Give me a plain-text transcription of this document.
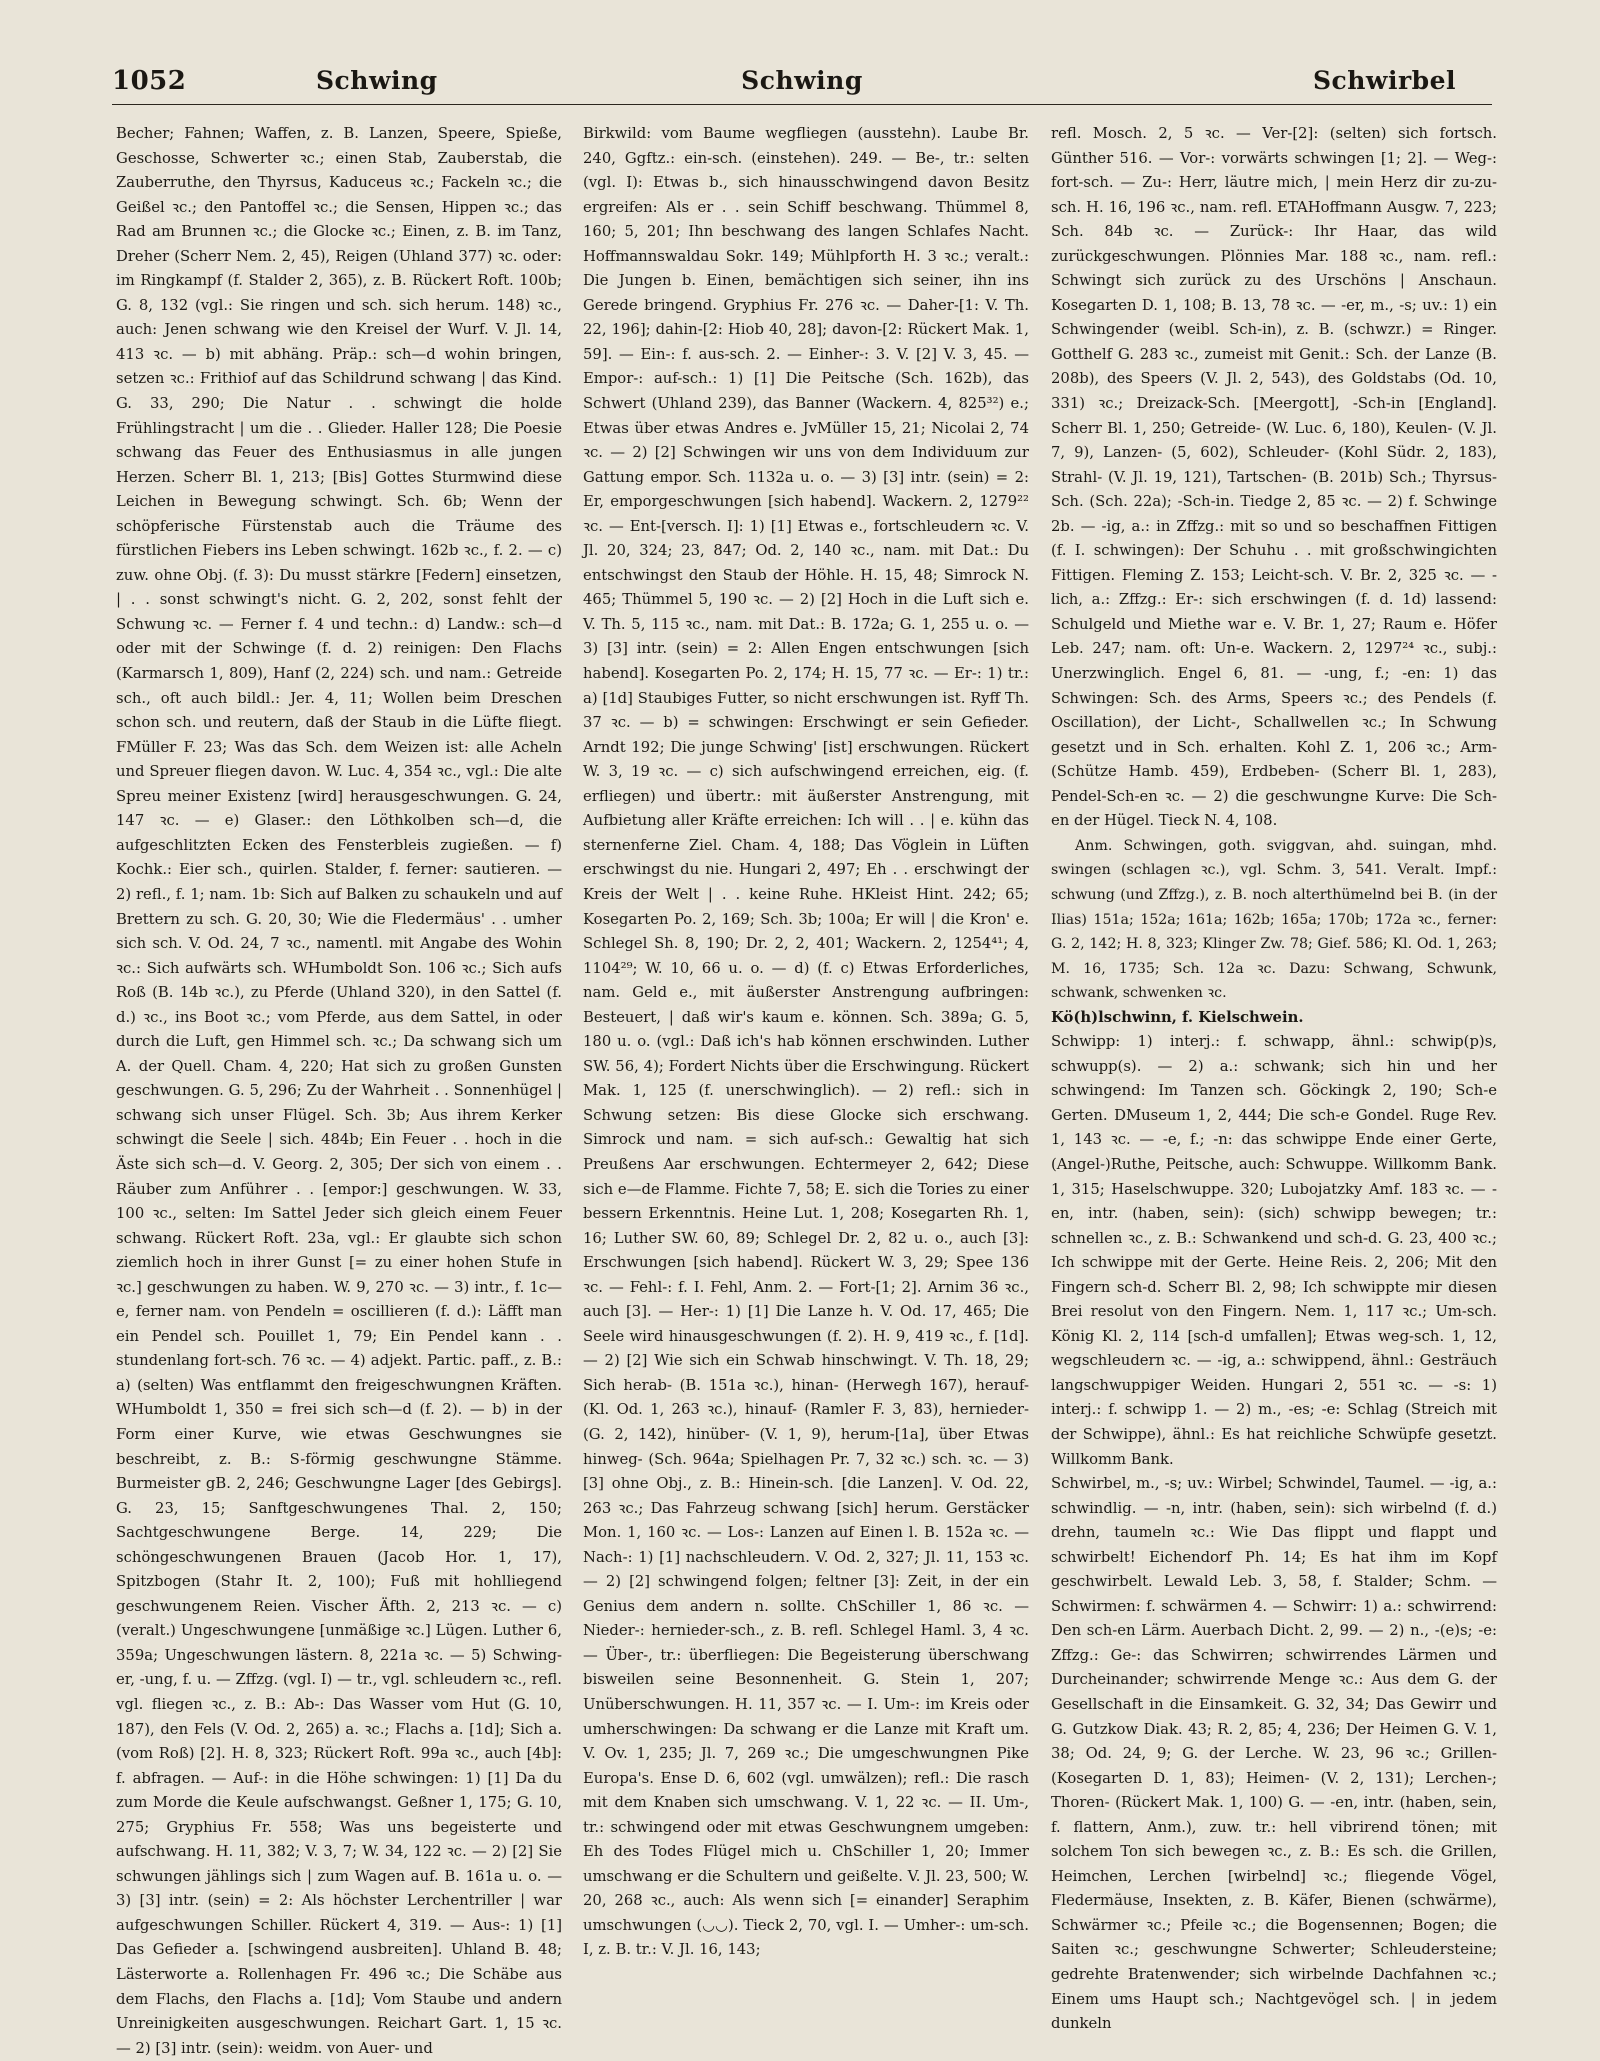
1052	Schwing	Schwing	Schwirbel

Becher; Fahnen; Waffen, z. B. Lanzen, Speere, Spieße, Geschosse, Schwerter ꝛc.; einen Stab, Zauberstab, die Zauberruthe, den Thyrsus, Kaduceus ꝛc.; Fackeln ꝛc.; die Geißel ꝛc.; den Pantoffel ꝛc.; die Sensen, Hippen ꝛc.; das Rad am Brunnen ꝛc.; die Glocke ꝛc.; Einen, z. B. im Tanz, Dreher (Scherr Nem. 2, 45), Reigen (Uhland 377) ꝛc. oder: im Ringkampf (f. Stalder 2, 365), z. B. Rückert Roft. 100b; G. 8, 132 (vgl.: Sie ringen und sch. sich herum. 148) ꝛc., auch: Jenen schwang wie den Kreisel der Wurf. V. Jl. 14, 413 ꝛc. — b) mit abhäng. Präp.: sch—d wohin bringen, setzen ꝛc.: Frithiof auf das Schildrund schwang | das Kind. G. 33, 290; Die Natur . . schwingt die holde Frühlingstracht | um die . . Glieder. Haller 128; Die Poesie schwang das Feuer des Enthusiasmus in alle jungen Herzen. Scherr Bl. 1, 213; [Bis] Gottes Sturmwind diese Leichen in Bewegung schwingt. Sch. 6b; Wenn der schöpferische Fürstenstab auch die Träume des fürstlichen Fiebers ins Leben schwingt. 162b ꝛc., f. 2. — c) zuw. ohne Obj. (f. 3): Du musst stärkre [Federn] einsetzen, | . . sonst schwingt's nicht. G. 2, 202, sonst fehlt der Schwung ꝛc. — Ferner f. 4 und techn.: d) Landw.: sch—d oder mit der Schwinge (f. d. 2) reinigen: Den Flachs (Karmarsch 1, 809), Hanf (2, 224) sch. und nam.: Getreide sch., oft auch bildl.: Jer. 4, 11; Wollen beim Dreschen schon sch. und reutern, daß der Staub in die Lüfte fliegt. FMüller F. 23; Was das Sch. dem Weizen ist: alle Acheln und Spreuer fliegen davon. W. Luc. 4, 354 ꝛc., vgl.: Die alte Spreu meiner Existenz [wird] herausgeschwungen. G. 24, 147 ꝛc. — e) Glaser.: den Löthkolben sch—d, die aufgeschlitzten Ecken des Fensterbleis zugießen. — f) Kochk.: Eier sch., quirlen. Stalder, f. ferner: sautieren. — 2) refl., f. 1; nam. 1b: Sich auf Balken zu schaukeln und auf Brettern zu sch. G. 20, 30; Wie die Fledermäus' . . umher sich sch. V. Od. 24, 7 ꝛc., namentl. mit Angabe des Wohin ꝛc.: Sich aufwärts sch. WHumboldt Son. 106 ꝛc.; Sich aufs Roß (B. 14b ꝛc.), zu Pferde (Uhland 320), in den Sattel (f. d.) ꝛc., ins Boot ꝛc.; vom Pferde, aus dem Sattel, in oder durch die Luft, gen Himmel sch. ꝛc.; Da schwang sich um A. der Quell. Cham. 4, 220; Hat sich zu großen Gunsten geschwungen. G. 5, 296; Zu der Wahrheit . . Sonnenhügel | schwang sich unser Flügel. Sch. 3b; Aus ihrem Kerker schwingt die Seele | sich. 484b; Ein Feuer . . hoch in die Äste sich sch—d. V. Georg. 2, 305; Der sich von einem . . Räuber zum Anführer . . [empor:] geschwungen. W. 33, 100 ꝛc., selten: Im Sattel Jeder sich gleich einem Feuer schwang. Rückert Roft. 23a, vgl.: Er glaubte sich schon ziemlich hoch in ihrer Gunst [= zu einer hohen Stufe in ꝛc.] geschwungen zu haben. W. 9, 270 ꝛc. — 3) intr., f. 1c—e, ferner nam. von Pendeln = oscillieren (f. d.): Läfft man ein Pendel sch. Pouillet 1, 79; Ein Pendel kann . . stundenlang fort-sch. 76 ꝛc. — 4) adjekt. Partic. paff., z. B.: a) (selten) Was entflammt den freigeschwungnen Kräften. WHumboldt 1, 350 = frei sich sch—d (f. 2). — b) in der Form einer Kurve, wie etwas Geschwungnes sie beschreibt, z. B.: S-förmig geschwungne Stämme. Burmeister gB. 2, 246; Geschwungne Lager [des Gebirgs]. G. 23, 15; Sanftgeschwungenes Thal. 2, 150; Sachtgeschwungene Berge. 14, 229; Die schöngeschwungenen Brauen (Jacob Hor. 1, 17), Spitzbogen (Stahr It. 2, 100); Fuß mit hohlliegend geschwungenem Reien. Vischer Äfth. 2, 213 ꝛc. — c) (veralt.) Ungeschwungene [unmäßige ꝛc.] Lügen. Luther 6, 359a; Ungeschwungen lästern. 8, 221a ꝛc. — 5) Schwing-er, -ung, f. u. — Zffzg. (vgl. I) — tr., vgl. schleudern ꝛc., refl. vgl. fliegen ꝛc., z. B.: Ab-: Das Wasser vom Hut (G. 10, 187), den Fels (V. Od. 2, 265) a. ꝛc.; Flachs a. [1d]; Sich a. (vom Roß) [2]. H. 8, 323; Rückert Roft. 99a ꝛc., auch [4b]: f. abfragen. — Auf-: in die Höhe schwingen: 1) [1] Da du zum Morde die Keule aufschwangst. Geßner 1, 175; G. 10, 275; Gryphius Fr. 558; Was uns begeisterte und aufschwang. H. 11, 382; V. 3, 7; W. 34, 122 ꝛc. — 2) [2] Sie schwungen jählings sich | zum Wagen auf. B. 161a u. o. — 3) [3] intr. (sein) = 2: Als höchster Lerchentriller | war aufgeschwungen Schiller. Rückert 4, 319. — Aus-: 1) [1] Das Gefieder a. [schwingend ausbreiten]. Uhland B. 48; Lästerworte a. Rollenhagen Fr. 496 ꝛc.; Die Schäbe aus dem Flachs, den Flachs a. [1d]; Vom Staube und andern Unreinigkeiten ausgeschwungen. Reichart Gart. 1, 15 ꝛc. — 2) [3] intr. (sein): weidm. von Auer- und

Birkwild: vom Baume wegfliegen (ausstehn). Laube Br. 240, Ggftz.: ein-sch. (einstehen). 249. — Be-, tr.: selten (vgl. I): Etwas b., sich hinausschwingend davon Besitz ergreifen: Als er . . sein Schiff beschwang. Thümmel 8, 160; 5, 201; Ihn beschwang des langen Schlafes Nacht. Hoffmannswaldau Sokr. 149; Mühlpforth H. 3 ꝛc.; veralt.: Die Jungen b. Einen, bemächtigen sich seiner, ihn ins Gerede bringend. Gryphius Fr. 276 ꝛc. — Daher-[1: V. Th. 22, 196]; dahin-[2: Hiob 40, 28]; davon-[2: Rückert Mak. 1, 59]. — Ein-: f. aus-sch. 2. — Einher-: 3. V. [2] V. 3, 45. — Empor-: auf-sch.: 1) [1] Die Peitsche (Sch. 162b), das Schwert (Uhland 239), das Banner (Wackern. 4, 825³²) e.; Etwas über etwas Andres e. JvMüller 15, 21; Nicolai 2, 74 ꝛc. — 2) [2] Schwingen wir uns von dem Individuum zur Gattung empor. Sch. 1132a u. o. — 3) [3] intr. (sein) = 2: Er, emporgeschwungen [sich habend]. Wackern. 2, 1279²² ꝛc. — Ent-[versch. I]: 1) [1] Etwas e., fortschleudern ꝛc. V. Jl. 20, 324; 23, 847; Od. 2, 140 ꝛc., nam. mit Dat.: Du entschwingst den Staub der Höhle. H. 15, 48; Simrock N. 465; Thümmel 5, 190 ꝛc. — 2) [2] Hoch in die Luft sich e. V. Th. 5, 115 ꝛc., nam. mit Dat.: B. 172a; G. 1, 255 u. o. — 3) [3] intr. (sein) = 2: Allen Engen entschwungen [sich habend]. Kosegarten Po. 2, 174; H. 15, 77 ꝛc. — Er-: 1) tr.: a) [1d] Staubiges Futter, so nicht erschwungen ist. Ryff Th. 37 ꝛc. — b) = schwingen: Erschwingt er sein Gefieder. Arndt 192; Die junge Schwing' [ist] erschwungen. Rückert W. 3, 19 ꝛc. — c) sich aufschwingend erreichen, eig. (f. erfliegen) und übertr.: mit äußerster Anstrengung, mit Aufbietung aller Kräfte erreichen: Ich will . . | e. kühn das sternenferne Ziel. Cham. 4, 188; Das Vöglein in Lüften erschwingst du nie. Hungari 2, 497; Eh . . erschwingt der Kreis der Welt | . . keine Ruhe. HKleist Hint. 242; 65; Kosegarten Po. 2, 169; Sch. 3b; 100a; Er will | die Kron' e. Schlegel Sh. 8, 190; Dr. 2, 2, 401; Wackern. 2, 1254⁴¹; 4, 1104²⁹; W. 10, 66 u. o. — d) (f. c) Etwas Erforderliches, nam. Geld e., mit äußerster Anstrengung aufbringen: Besteuert, | daß wir's kaum e. können. Sch. 389a; G. 5, 180 u. o. (vgl.: Daß ich's hab können erschwinden. Luther SW. 56, 4); Fordert Nichts über die Erschwingung. Rückert Mak. 1, 125 (f. unerschwinglich). — 2) refl.: sich in Schwung setzen: Bis diese Glocke sich erschwang. Simrock und nam. = sich auf-sch.: Gewaltig hat sich Preußens Aar erschwungen. Echtermeyer 2, 642; Diese sich e—de Flamme. Fichte 7, 58; E. sich die Tories zu einer bessern Erkenntnis. Heine Lut. 1, 208; Kosegarten Rh. 1, 16; Luther SW. 60, 89; Schlegel Dr. 2, 82 u. o., auch [3]: Erschwungen [sich habend]. Rückert W. 3, 29; Spee 136 ꝛc. — Fehl-: f. I. Fehl, Anm. 2. — Fort-[1; 2]. Arnim 36 ꝛc., auch [3]. — Her-: 1) [1] Die Lanze h. V. Od. 17, 465; Die Seele wird hinausgeschwungen (f. 2). H. 9, 419 ꝛc., f. [1d]. — 2) [2] Wie sich ein Schwab hinschwingt. V. Th. 18, 29; Sich herab- (B. 151a ꝛc.), hinan- (Herwegh 167), herauf- (Kl. Od. 1, 263 ꝛc.), hinauf- (Ramler F. 3, 83), hernieder- (G. 2, 142), hinüber- (V. 1, 9), herum-[1a], über Etwas hinweg- (Sch. 964a; Spielhagen Pr. 7, 32 ꝛc.) sch. ꝛc. — 3) [3] ohne Obj., z. B.: Hinein-sch. [die Lanzen]. V. Od. 22, 263 ꝛc.; Das Fahrzeug schwang [sich] herum. Gerstäcker Mon. 1, 160 ꝛc. — Los-: Lanzen auf Einen l. B. 152a ꝛc. — Nach-: 1) [1] nachschleudern. V. Od. 2, 327; Jl. 11, 153 ꝛc. — 2) [2] schwingend folgen; feltner [3]: Zeit, in der ein Genius dem andern n. sollte. ChSchiller 1, 86 ꝛc. — Nieder-: hernieder-sch., z. B. refl. Schlegel Haml. 3, 4 ꝛc. — Über-, tr.: überfliegen: Die Begeisterung überschwang bisweilen seine Besonnenheit. G. Stein 1, 207; Unüberschwungen. H. 11, 357 ꝛc. — I. Um-: im Kreis oder umherschwingen: Da schwang er die Lanze mit Kraft um. V. Ov. 1, 235; Jl. 7, 269 ꝛc.; Die umgeschwungnen Pike Europa's. Ense D. 6, 602 (vgl. umwälzen); refl.: Die rasch mit dem Knaben sich umschwang. V. 1, 22 ꝛc. — II. Um-, tr.: schwingend oder mit etwas Geschwungnem umgeben: Eh des Todes Flügel mich u. ChSchiller 1, 20; Immer umschwang er die Schultern und geißelte. V. Jl. 23, 500; W. 20, 268 ꝛc., auch: Als wenn sich [= einander] Seraphim umschwungen (◡◡). Tieck 2, 70, vgl. I. — Umher-: um-sch. I, z. B. tr.: V. Jl. 16, 143;

refl. Mosch. 2, 5 ꝛc. — Ver-[2]: (selten) sich fortsch. Günther 516. — Vor-: vorwärts schwingen [1; 2]. — Weg-: fort-sch. — Zu-: Herr, läutre mich, | mein Herz dir zu-zu-sch. H. 16, 196 ꝛc., nam. refl. ETAHoffmann Ausgw. 7, 223; Sch. 84b ꝛc. — Zurück-: Ihr Haar, das wild zurückgeschwungen. Plönnies Mar. 188 ꝛc., nam. refl.: Schwingt sich zurück zu des Urschöns | Anschaun. Kosegarten D. 1, 108; B. 13, 78 ꝛc. — -er, m., -s; uv.: 1) ein Schwingender (weibl. Sch-in), z. B. (schwzr.) = Ringer. Gotthelf G. 283 ꝛc., zumeist mit Genit.: Sch. der Lanze (B. 208b), des Speers (V. Jl. 2, 543), des Goldstabs (Od. 10, 331) ꝛc.; Dreizack-Sch. [Meergott], -Sch-in [England]. Scherr Bl. 1, 250; Getreide- (W. Luc. 6, 180), Keulen- (V. Jl. 7, 9), Lanzen- (5, 602), Schleuder- (Kohl Südr. 2, 183), Strahl- (V. Jl. 19, 121), Tartschen- (B. 201b) Sch.; Thyrsus-Sch. (Sch. 22a); -Sch-in. Tiedge 2, 85 ꝛc. — 2) f. Schwinge 2b. — -ig, a.: in Zffzg.: mit so und so beschaffnen Fittigen (f. I. schwingen): Der Schuhu . . mit großschwingichten Fittigen. Fleming Z. 153; Leicht-sch. V. Br. 2, 325 ꝛc. — -lich, a.: Zffzg.: Er-: sich erschwingen (f. d. 1d) lassend: Schulgeld und Miethe war e. V. Br. 1, 27; Raum e. Höfer Leb. 247; nam. oft: Un-e. Wackern. 2, 1297²⁴ ꝛc., subj.: Unerzwinglich. Engel 6, 81. — -ung, f.; -en: 1) das Schwingen: Sch. des Arms, Speers ꝛc.; des Pendels (f. Oscillation), der Licht-, Schallwellen ꝛc.; In Schwung gesetzt und in Sch. erhalten. Kohl Z. 1, 206 ꝛc.; Arm- (Schütze Hamb. 459), Erdbeben- (Scherr Bl. 1, 283), Pendel-Sch-en ꝛc. — 2) die geschwungne Kurve: Die Sch-en der Hügel. Tieck N. 4, 108.

Anm. Schwingen, goth. sviggvan, ahd. suingan, mhd. swingen (schlagen ꝛc.), vgl. Schm. 3, 541. Veralt. Impf.: schwung (und Zffzg.), z. B. noch alterthümelnd bei B. (in der Ilias) 151a; 152a; 161a; 162b; 165a; 170b; 172a ꝛc., ferner: G. 2, 142; H. 8, 323; Klinger Zw. 78; Gief. 586; Kl. Od. 1, 263; M. 16, 1735; Sch. 12a ꝛc. Dazu: Schwang, Schwunk, schwank, schwenken ꝛc.

Kö(h)lschwinn, f. Kielschwein.

Schwipp: 1) interj.: f. schwapp, ähnl.: schwip(p)s, schwupp(s). — 2) a.: schwank; sich hin und her schwingend: Im Tanzen sch. Göckingk 2, 190; Sch-e Gerten. DMuseum 1, 2, 444; Die sch-e Gondel. Ruge Rev. 1, 143 ꝛc. — -e, f.; -n: das schwippe Ende einer Gerte, (Angel-)Ruthe, Peitsche, auch: Schwuppe. Willkomm Bank. 1, 315; Haselschwuppe. 320; Lubojatzky Amf. 183 ꝛc. — -en, intr. (haben, sein): (sich) schwipp bewegen; tr.: schnellen ꝛc., z. B.: Schwankend und sch-d. G. 23, 400 ꝛc.; Ich schwippe mit der Gerte. Heine Reis. 2, 206; Mit den Fingern sch-d. Scherr Bl. 2, 98; Ich schwippte mir diesen Brei resolut von den Fingern. Nem. 1, 117 ꝛc.; Um-sch. König Kl. 2, 114 [sch-d umfallen]; Etwas weg-sch. 1, 12, wegschleudern ꝛc. — -ig, a.: schwippend, ähnl.: Gesträuch langschwuppiger Weiden. Hungari 2, 551 ꝛc. — -s: 1) interj.: f. schwipp 1. — 2) m., -es; -e: Schlag (Streich mit der Schwippe), ähnl.: Es hat reichliche Schwüpfe gesetzt. Willkomm Bank.

Schwirbel, m., -s; uv.: Wirbel; Schwindel, Taumel. — -ig, a.: schwindlig. — -n, intr. (haben, sein): sich wirbelnd (f. d.) drehn, taumeln ꝛc.: Wie Das flippt und flappt und schwirbelt! Eichendorf Ph. 14; Es hat ihm im Kopf geschwirbelt. Lewald Leb. 3, 58, f. Stalder; Schm. — Schwirmen: f. schwärmen 4. — Schwirr: 1) a.: schwirrend: Den sch-en Lärm. Auerbach Dicht. 2, 99. — 2) n., -(e)s; -e: Zffzg.: Ge-: das Schwirren; schwirrendes Lärmen und Durcheinander; schwirrende Menge ꝛc.: Aus dem G. der Gesellschaft in die Einsamkeit. G. 32, 34; Das Gewirr und G. Gutzkow Diak. 43; R. 2, 85; 4, 236; Der Heimen G. V. 1, 38; Od. 24, 9; G. der Lerche. W. 23, 96 ꝛc.; Grillen- (Kosegarten D. 1, 83); Heimen- (V. 2, 131); Lerchen-; Thoren- (Rückert Mak. 1, 100) G. — -en, intr. (haben, sein, f. flattern, Anm.), zuw. tr.: hell vibrirend tönen; mit solchem Ton sich bewegen ꝛc., z. B.: Es sch. die Grillen, Heimchen, Lerchen [wirbelnd] ꝛc.; fliegende Vögel, Fledermäuse, Insekten, z. B. Käfer, Bienen (schwärme), Schwärmer ꝛc.; Pfeile ꝛc.; die Bogensennen; Bogen; die Saiten ꝛc.; geschwungne Schwerter; Schleudersteine; gedrehte Bratenwender; sich wirbelnde Dachfahnen ꝛc.; Einem ums Haupt sch.; Nachtgevögel sch. | in jedem dunkeln
